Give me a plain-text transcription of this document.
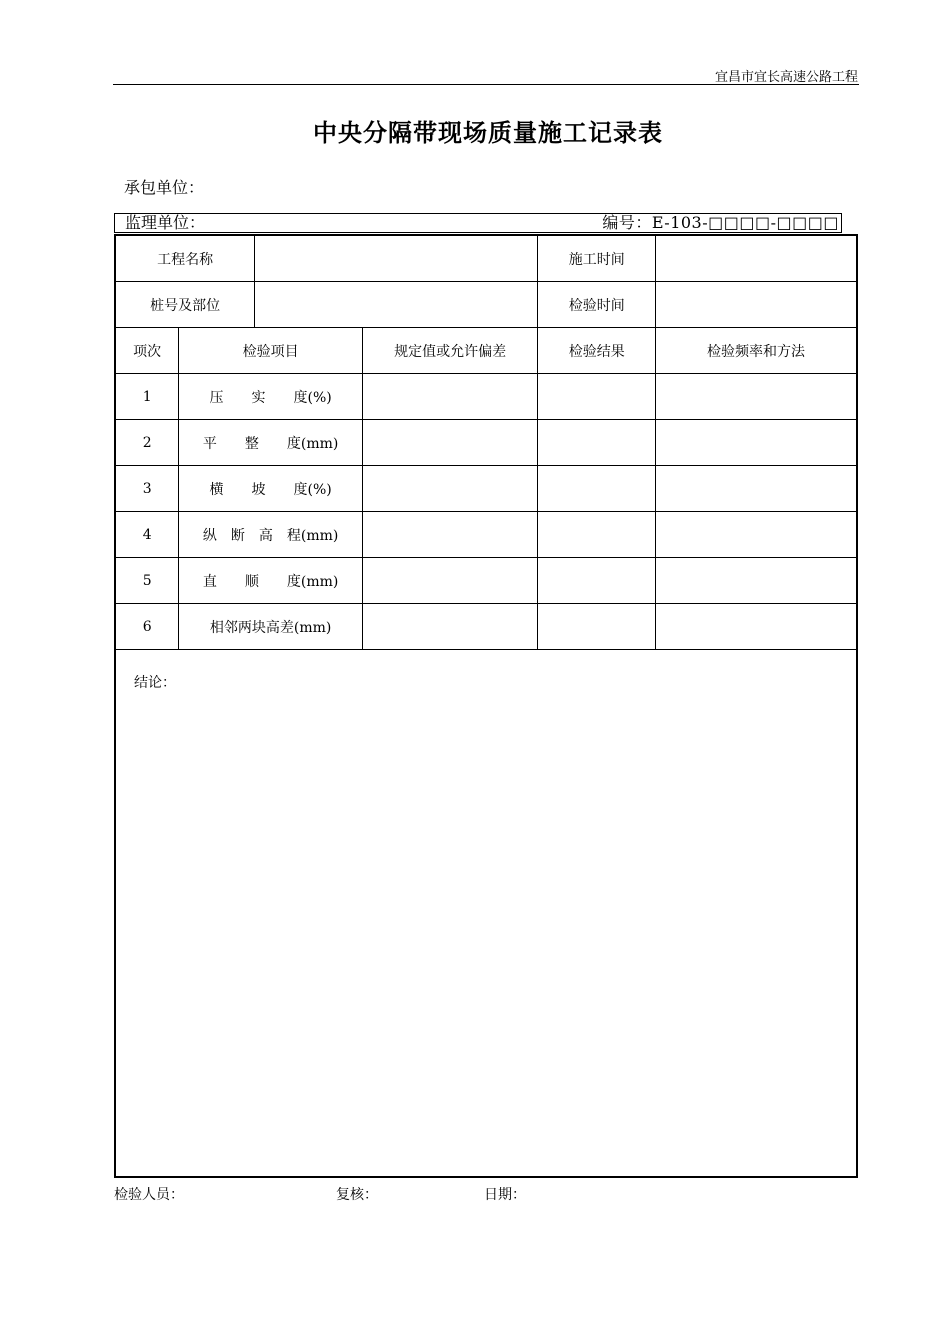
宜昌市宜长高速公路工程
中央分隔带现场质量施工记录表
承包单位：
监理单位：	编号：E-103-□□□□-□□□□
工程名称				施工时间	
桩号及部位				检验时间	
项次	检验项目		规定值或允许偏差	检验结果	检验频率和方法
1	压　　实　　度(%)				
2	平　　整　　度(mm)				
3	横　　坡　　度(%)				
4	纵　断　高　程(mm)				
5	直　　顺　　度(mm)				
6	相邻两块高差(mm)				

结论：					
检验人员：	复核：	日期：
